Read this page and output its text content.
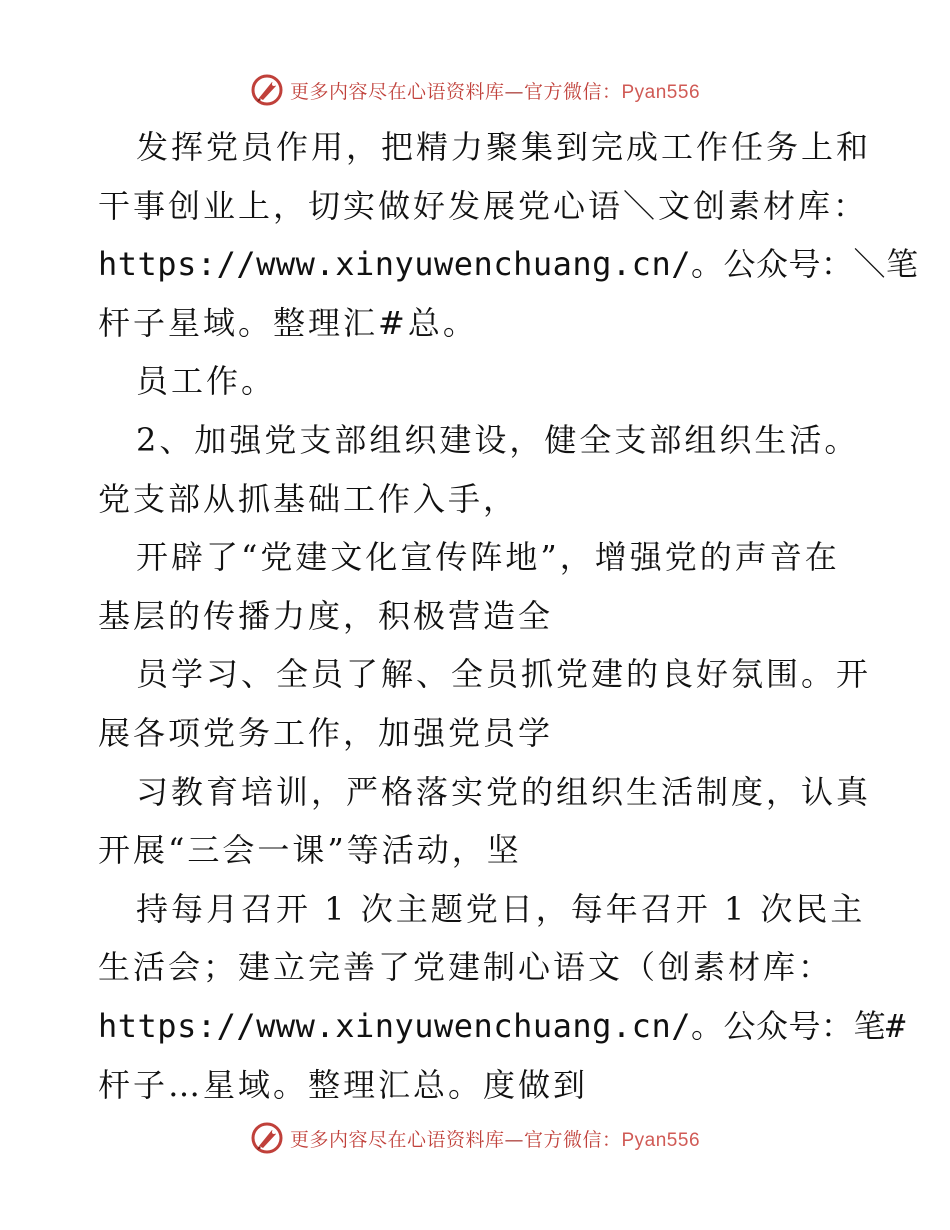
更多内容尽在心语资料库—官方微信：Pyan556
发挥党员作用，把精力聚集到完成工作任务上和
干事创业上，切实做好发展党心语＼文创素材库：
https://www.xinyuwenchuang.cn/。公众号：＼笔
杆子星域。整理汇#总。
员工作。
2、加强党支部组织建设，健全支部组织生活。
党支部从抓基础工作入手，
开辟了“党建文化宣传阵地”，增强党的声音在
基层的传播力度，积极营造全
员学习、全员了解、全员抓党建的良好氛围。开
展各项党务工作，加强党员学
习教育培训，严格落实党的组织生活制度，认真
开展“三会一课”等活动，坚
持每月召开 1 次主题党日，每年召开 1 次民主
生活会；建立完善了党建制心语文（创素材库：
https://www.xinyuwenchuang.cn/。公众号：笔#
杆子…星域。整理汇总。度做到
更多内容尽在心语资料库—官方微信：Pyan556
